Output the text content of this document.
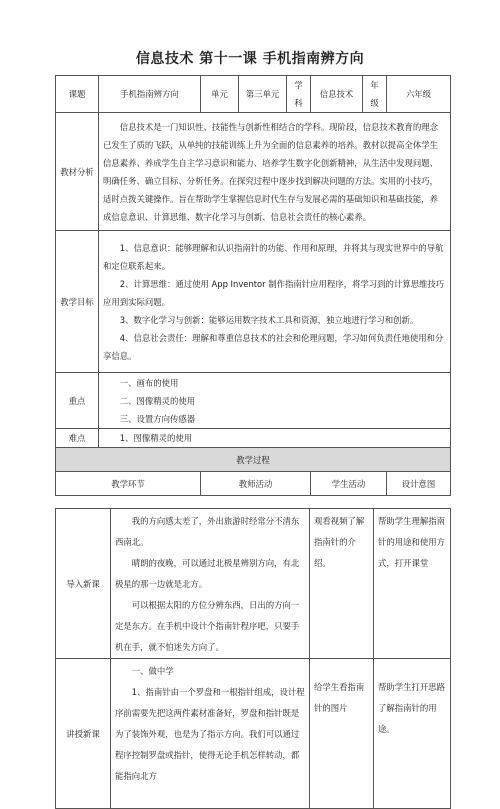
信息技术 第十一课 手机指南辨方向
课题	手机指南辨方向	单元	第三单元	学科	信息技术	年级	六年级
教材分析	信息技术是一门知识性、技能性与创新性相结合的学科。现阶段，信息技术教育的理念已发生了质的飞跃，从单纯的技能训练上升为全面的信息素养的培养。教材以提高全体学生信息素养、养成学生自主学习意识和能力、培养学生数字化创新精神，从生活中发现问题、明确任务、确立目标、分析任务。在探究过程中逐步找到解决问题的方法。实用的小技巧，适时点拨关键操作。旨在帮助学生掌握信息时代生存与发展必需的基础知识和基础技能，养成信息意识、计算思维、数字化学习与创新、信息社会责任的核心素养。						

教学目标	1、信息意识：能够理解和认识指南针的功能、作用和原理，并将其与现实世界中的导航和定位联系起来。

2、计算思维：通过使用 App Inventor 制作指南针应用程序，将学习到的计算思维技巧应用到实际问题。

3、数字化学习与创新：能够运用数字技术工具和资源，独立地进行学习和创新。

4、信息社会责任：理解和尊重信息技术的社会和伦理问题，学习如何负责任地使用和分享信息。						

重点	一、画布的使用

二、图像精灵的使用

三、设置方向传感器						

难点	1、图像精灵的使用						

教学过程							
教学环节		教师活动			学生活动		设计意图
导入新课	我的方向感太差了，外出旅游时经常分不清东西南北。

晴朗的夜晚，可以通过北极星辨别方向，有北极星的那一边就是北方。

可以根据太阳的方位分辨东西，日出的方向一定是东方。在手机中设计个指南针程序吧，只要手机在手，就不怕迷失方向了。	观看视频了解指南针的介绍。	帮助学生理解指南针的用途和使用方式，打开课堂
讲授新课	一、做中学

1、指南针由一个罗盘和一根指针组成，设计程序前需要先把这两件素材准备好，罗盘和指针既是为了装饰外观，也是为了指示方向。我们可以通过程序控制罗盘或指针，使得无论手机怎样转动，都能指向北方	给学生看指南针的图片	帮助学生打开思路了解指南针的用途。
